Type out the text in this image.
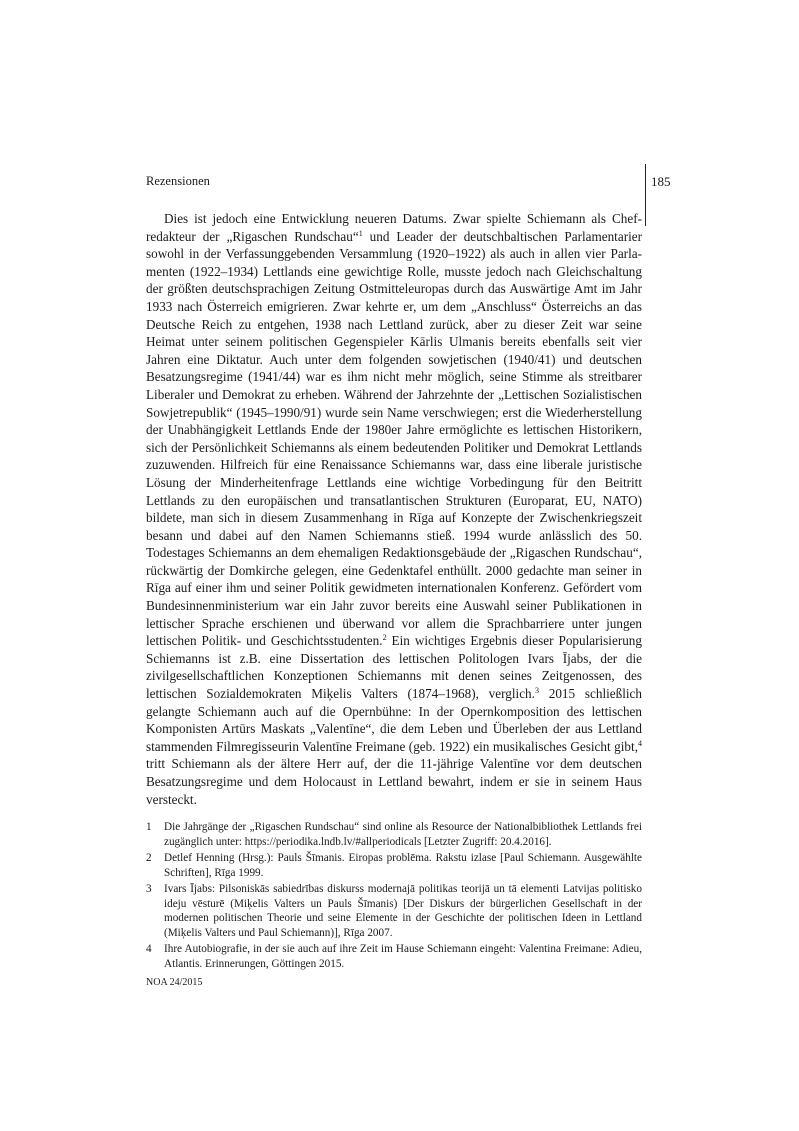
Rezensionen	185

Dies ist jedoch eine Entwicklung neueren Datums. Zwar spielte Schiemann als Chefredakteur der „Rigaschen Rundschau“$^1$ und Leader der deutschbaltischen Parlamentarier sowohl in der Verfassunggebenden Versammlung (1920–1922) als auch in allen vier Parlamenten (1922–1934) Lettlands eine gewichtige Rolle, musste jedoch nach Gleichschaltung der größten deutschsprachigen Zeitung Ostmitteleuropas durch das Auswärtige Amt im Jahr 1933 nach Österreich emigrieren. Zwar kehrte er, um dem „Anschluss“ Österreichs an das Deutsche Reich zu entgehen, 1938 nach Lettland zurück, aber zu dieser Zeit war seine Heimat unter seinem politischen Gegenspieler Kārlis Ulmanis bereits ebenfalls seit vier Jahren eine Diktatur. Auch unter dem folgenden sowjetischen (1940/41) und deutschen Besatzungsregime (1941/44) war es ihm nicht mehr möglich, seine Stimme als streitbarer Liberaler und Demokrat zu erheben. Während der Jahrzehnte der „Lettischen Sozialistischen Sowjetrepublik“ (1945–1990/91) wurde sein Name verschwiegen; erst die Wiederherstellung der Unabhängigkeit Lettlands Ende der 1980er Jahre ermöglichte es lettischen Historikern, sich der Persönlichkeit Schiemanns als einem bedeutenden Politiker und Demokrat Lettlands zuzuwenden. Hilfreich für eine Renaissance Schiemanns war, dass eine liberale juristische Lösung der Minderheitenfrage Lettlands eine wichtige Vorbedingung für den Beitritt Lettlands zu den europäischen und transatlantischen Strukturen (Europarat, EU, NATO) bildete, man sich in diesem Zusammenhang in Rīga auf Konzepte der Zwischenkriegszeit besann und dabei auf den Namen Schiemanns stieß. 1994 wurde anlässlich des 50. Todestages Schiemanns an dem ehemaligen Redaktionsgebäude der „Rigaschen Rundschau“, rückwärtig der Domkirche gelegen, eine Gedenktafel enthüllt. 2000 gedachte man seiner in Rīga auf einer ihm und seiner Politik gewidmeten internationalen Konferenz. Gefördert vom Bundesinnenministerium war ein Jahr zuvor bereits eine Auswahl seiner Publikationen in lettischer Sprache erschienen und überwand vor allem die Sprachbarriere unter jungen lettischen Politik- und Geschichtsstudenten.$^2$ Ein wichtiges Ergebnis dieser Popularisierung Schiemanns ist z.B. eine Dissertation des lettischen Politologen Ivars Ījabs, der die zivilgesellschaftlichen Konzeptionen Schiemanns mit denen seines Zeitgenossen, des lettischen Sozialdemokraten Miķelis Valters (1874–1968), verglich.$^3$ 2015 schließlich gelangte Schiemann auch auf die Opernbühne: In der Opernkomposition des lettischen Komponisten Artūrs Maskats „Valentīne“, die dem Leben und Überleben der aus Lettland stammenden Filmregisseurin Valentīne Freimane (geb. 1922) ein musikalisches Gesicht gibt,$^4$ tritt Schiemann als der ältere Herr auf, der die 11-jährige Valentīne vor dem deutschen Besatzungsregime und dem Holocaust in Lettland bewahrt, indem er sie in seinem Haus versteckt.

1 Die Jahrgänge der „Rigaschen Rundschau“ sind online als Resource der Nationalbibliothek Lettlands frei zugänglich unter: https://periodika.lndb.lv/#allperiodicals [Letzter Zugriff: 20.4.2016].
2 Detlef Henning (Hrsg.): Pauls Šīmanis. Eiropas problēma. Rakstu izlase [Paul Schiemann. Ausgewählte Schriften], Rīga 1999.
3 Ivars Ījabs: Pilsoniskās sabiedrības diskurss modernajā politikas teorijā un tā elementi Latvijas politisko ideju vēsturē (Miķelis Valters un Pauls Šīmanis) [Der Diskurs der bürgerlichen Gesellschaft in der modernen politischen Theorie und seine Elemente in der Geschichte der politischen Ideen in Lettland (Miķelis Valters und Paul Schiemann)], Rīga 2007.
4 Ihre Autobiografie, in der sie auch auf ihre Zeit im Hause Schiemann eingeht: Valentina Freimane: Adieu, Atlantis. Erinnerungen, Göttingen 2015.
NOA 24/2015
